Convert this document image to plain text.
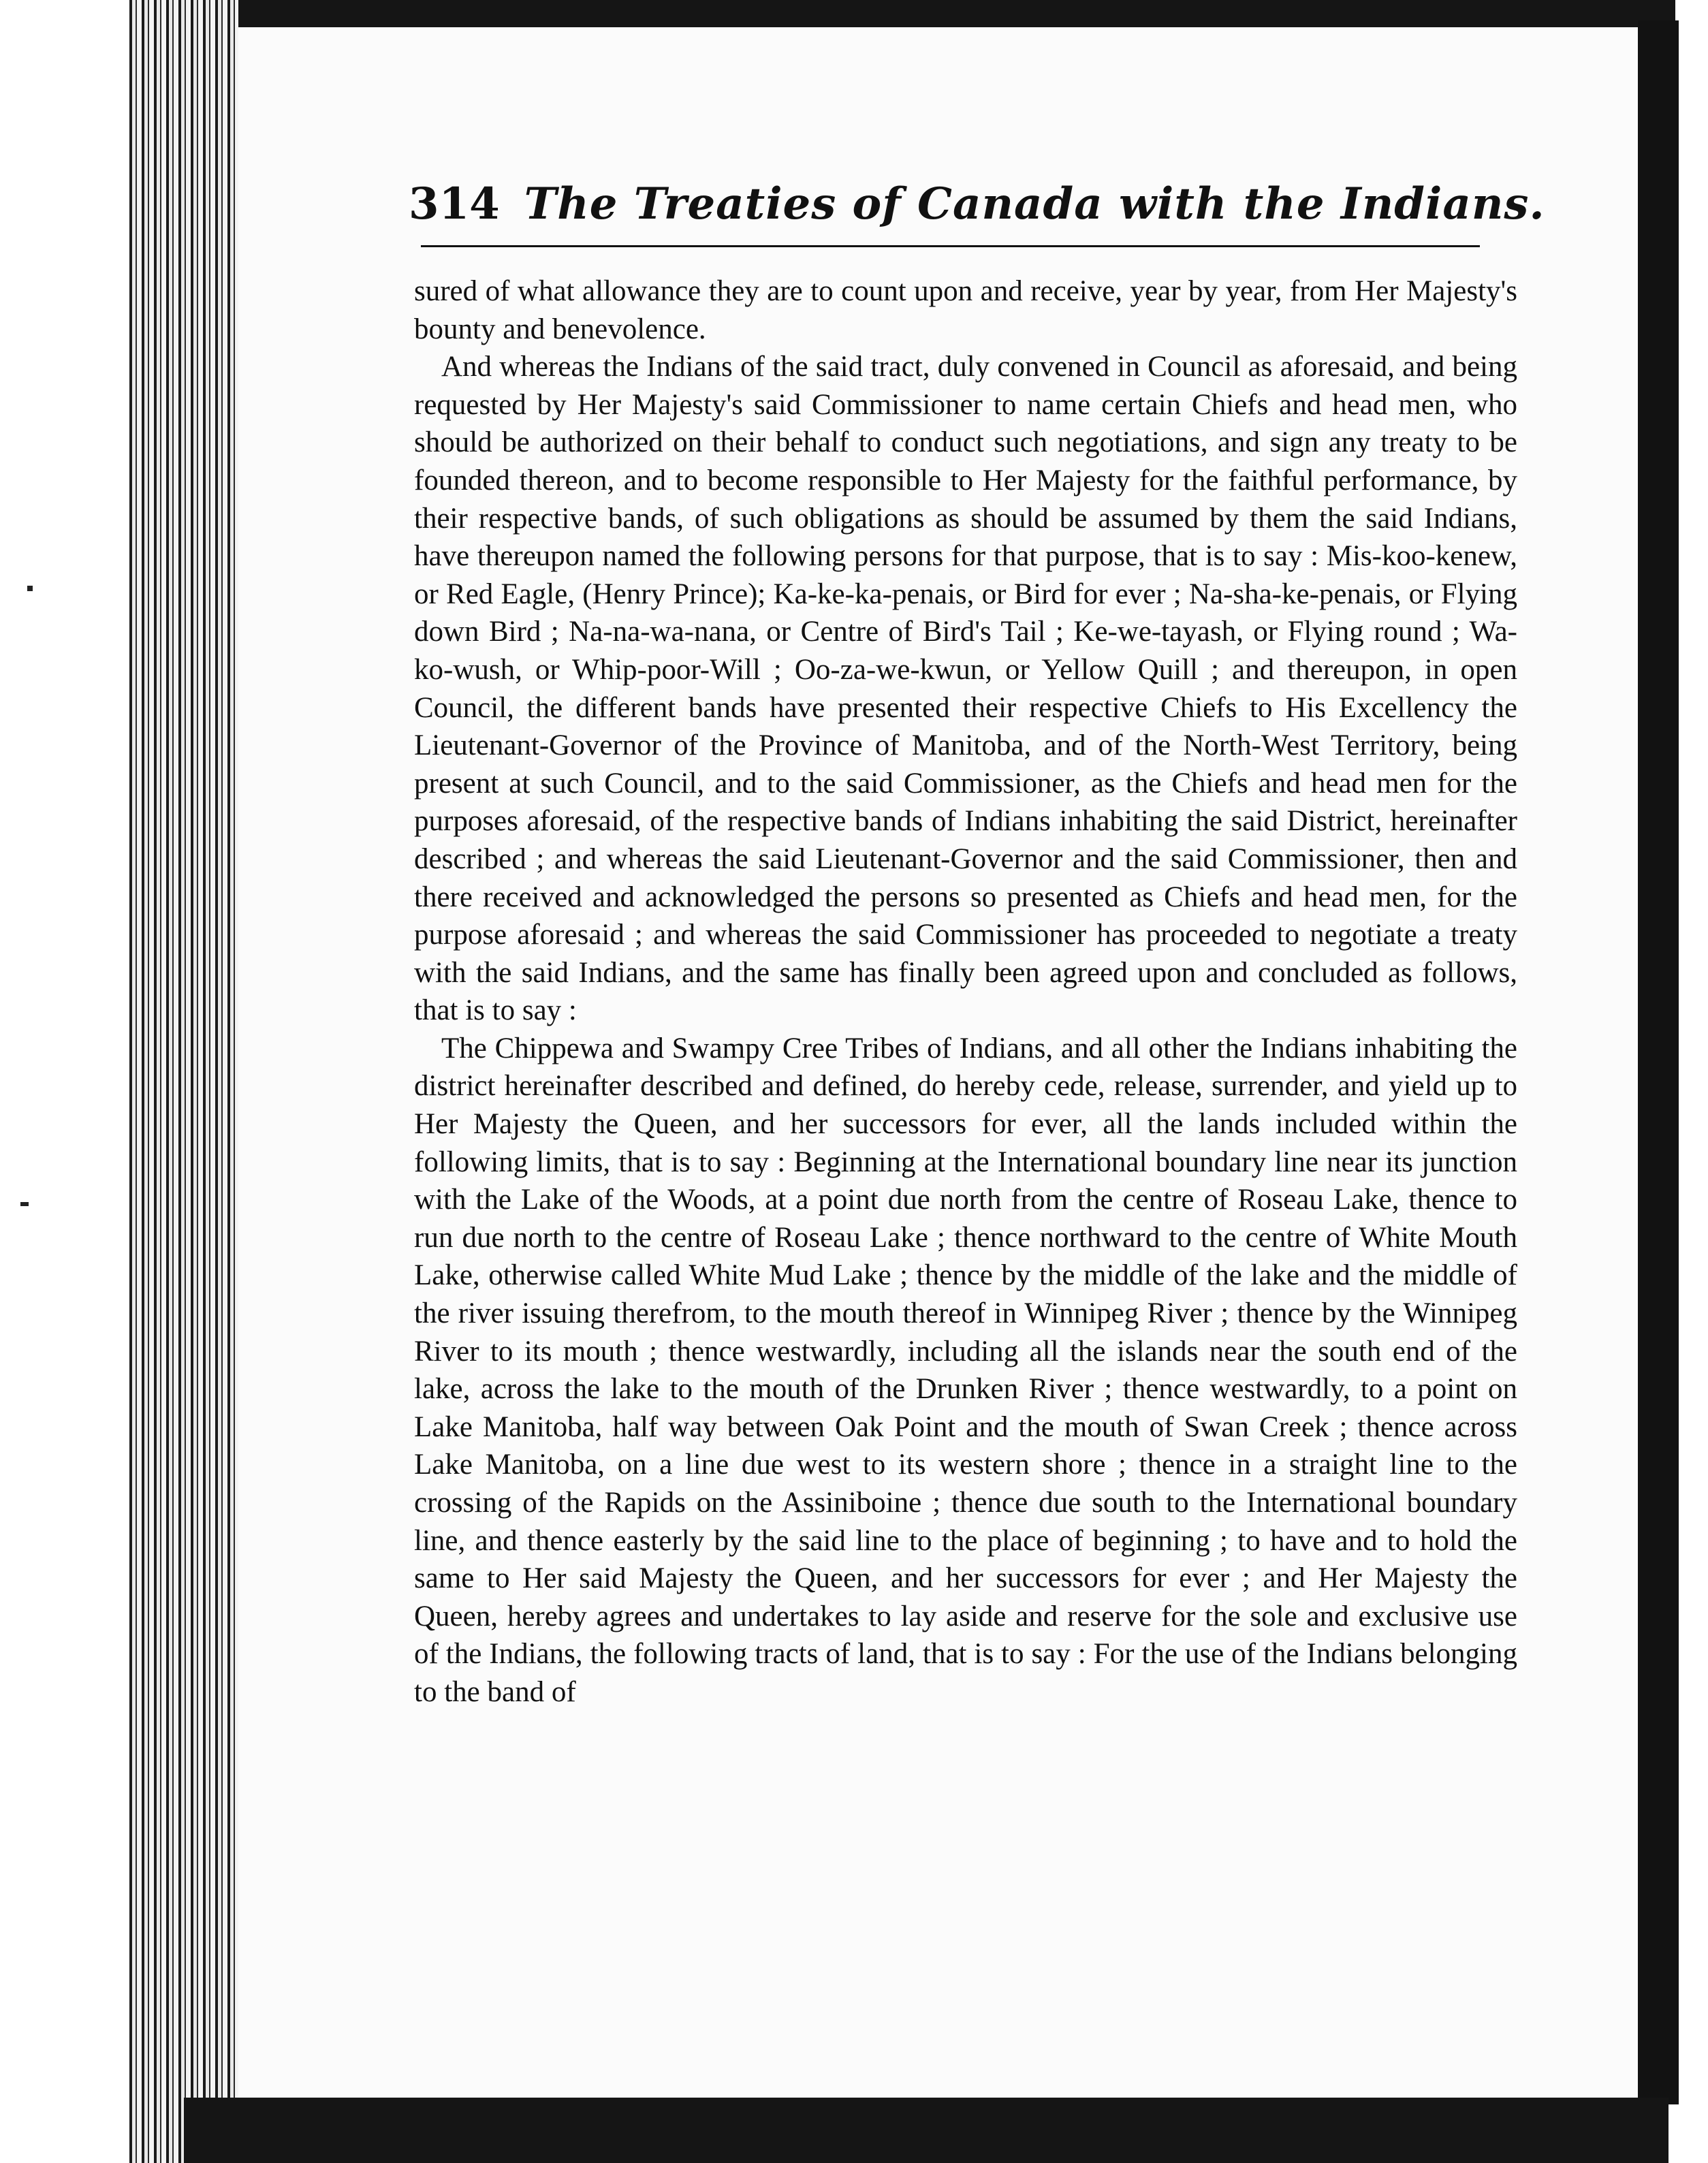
314 The Treaties of Canada with the Indians.

sured of what allowance they are to count upon and receive, year by year, from Her Majesty's bounty and benevolence.

And whereas the Indians of the said tract, duly convened in Council as aforesaid, and being requested by Her Majesty's said Commissioner to name certain Chiefs and head men, who should be authorized on their behalf to conduct such negotiations, and sign any treaty to be founded thereon, and to become responsible to Her Majesty for the faithful performance, by their respective bands, of such obligations as should be assumed by them the said Indians, have thereupon named the following persons for that purpose, that is to say : Mis-koo-kenew, or Red Eagle, (Henry Prince); Ka-ke-ka-penais, or Bird for ever ; Na-sha-ke-penais, or Flying down Bird ; Na-na-wa-nana, or Centre of Bird's Tail ; Ke-we-tayash, or Flying round ; Wa-ko-wush, or Whip-poor-Will ; Oo-za-we-kwun, or Yellow Quill ; and thereupon, in open Council, the different bands have presented their respective Chiefs to His Excellency the Lieutenant-Governor of the Province of Manitoba, and of the North-West Territory, being present at such Council, and to the said Commissioner, as the Chiefs and head men for the purposes aforesaid, of the respective bands of Indians inhabiting the said District, hereinafter described ; and whereas the said Lieutenant-Governor and the said Commissioner, then and there received and acknowledged the persons so presented as Chiefs and head men, for the purpose aforesaid ; and whereas the said Commissioner has proceeded to negotiate a treaty with the said Indians, and the same has finally been agreed upon and concluded as follows, that is to say :

The Chippewa and Swampy Cree Tribes of Indians, and all other the Indians inhabiting the district hereinafter described and defined, do hereby cede, release, surrender, and yield up to Her Majesty the Queen, and her successors for ever, all the lands included within the following limits, that is to say : Beginning at the International boundary line near its junction with the Lake of the Woods, at a point due north from the centre of Roseau Lake, thence to run due north to the centre of Roseau Lake ; thence northward to the centre of White Mouth Lake, otherwise called White Mud Lake ; thence by the middle of the lake and the middle of the river issuing therefrom, to the mouth thereof in Winnipeg River ; thence by the Winnipeg River to its mouth ; thence westwardly, including all the islands near the south end of the lake, across the lake to the mouth of the Drunken River ; thence westwardly, to a point on Lake Manitoba, half way between Oak Point and the mouth of Swan Creek ; thence across Lake Manitoba, on a line due west to its western shore ; thence in a straight line to the crossing of the Rapids on the Assiniboine ; thence due south to the International boundary line, and thence easterly by the said line to the place of beginning ; to have and to hold the same to Her said Majesty the Queen, and her successors for ever ; and Her Majesty the Queen, hereby agrees and undertakes to lay aside and reserve for the sole and exclusive use of the Indians, the following tracts of land, that is to say : For the use of the Indians belonging to the band of
